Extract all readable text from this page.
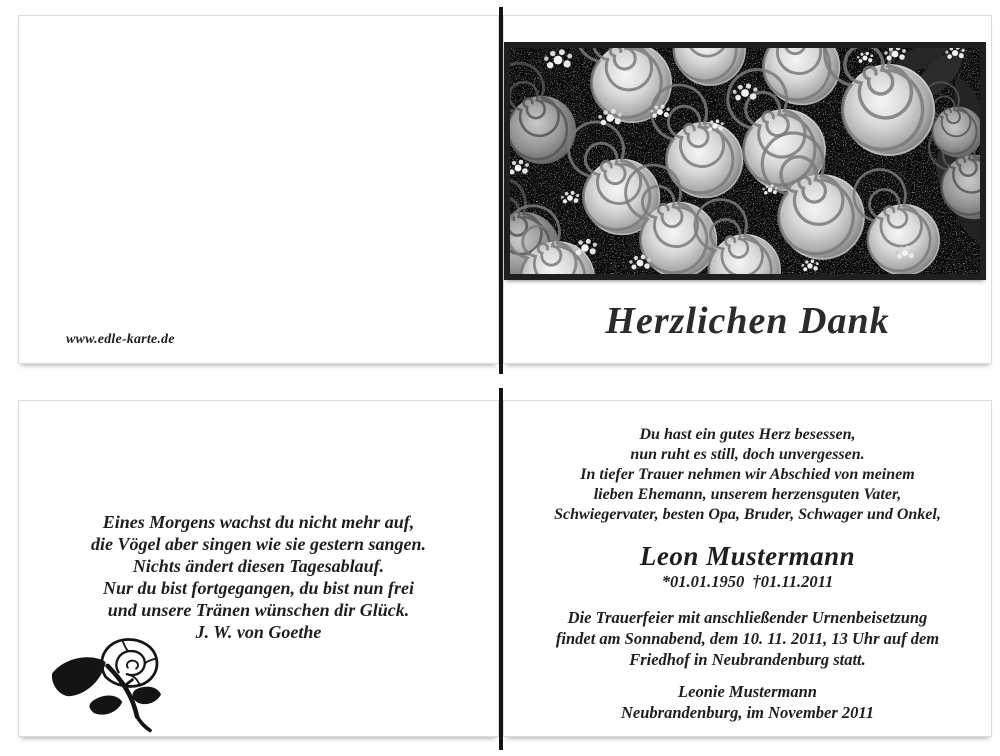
www.edle-karte.de	Herzlichen Dank
Eines Morgens wachst du nicht mehr auf,
die Vögel aber singen wie sie gestern sangen.
Nichts ändert diesen Tagesablauf.
Nur du bist fortgegangen, du bist nun frei
und unsere Tränen wünschen dir Glück.
J. W. von Goethe
Du hast ein gutes Herz besessen,
nun ruht es still, doch unvergessen.
In tiefer Trauer nehmen wir Abschied von meinem
lieben Ehemann, unserem herzensguten Vater,
Schwiegervater, besten Opa, Bruder, Schwager und Onkel,
Leon Mustermann
*01.01.1950  †01.11.2011
Die Trauerfeier mit anschließender Urnenbeisetzung
findet am Sonnabend, dem 10. 11. 2011, 13 Uhr auf dem
Friedhof in Neubrandenburg statt.
Leonie Mustermann
Neubrandenburg, im November 2011
